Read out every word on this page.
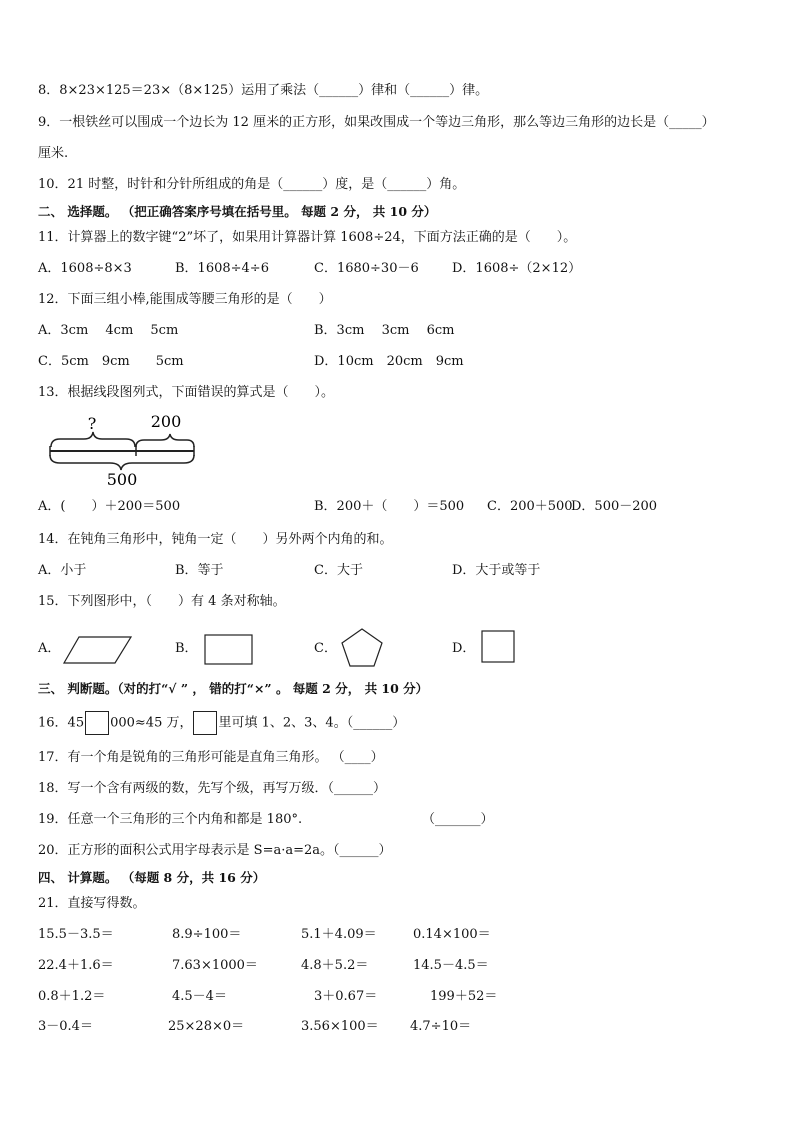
8．8×23×125＝23×（8×125）运用了乘法（______）律和（______）律。
9．一根铁丝可以围成一个边长为 12 厘米的正方形，如果改围成一个等边三角形，那么等边三角形的边长是（_____）
厘米.
10．21 时整，时针和分针所组成的角是（______）度，是（______）角。
二、 选择题。 （把正确答案序号填在括号里。 每题 2 分， 共 10 分）
11．计算器上的数字键“2”坏了，如果用计算器计算 1608÷24，下面方法正确的是（　　）。
A．1608÷8×3	B．1608÷4÷6	C．1680÷30－6	D．1608÷（2×12）
12．下面三组小棒,能围成等腰三角形的是（　　）
A．3cm　 4cm　 5cm	B．3cm　 3cm　 6cm
C．5cm　9cm　　5cm	D．10cm　20cm　9cm
13．根据线段图列式，下面错误的算式是（　　）。
?	200
500
A．(　　）＋200＝500	B．200＋（　　）＝500 C．200＋500
D．500－200
14．在钝角三角形中，钝角一定（　　）另外两个内角的和。
A．小于	B．等于	C．大于	D．大于或等于
15．下列图形中，（　　）有 4 条对称轴。
A．	B．	C．	D．
三、 判断题。（对的打“√ ” ， 错的打“×” 。 每题 2 分， 共 10 分）
16．45 000≈45 万， 里可填 1、2、3、4。（______）
17．有一个角是锐角的三角形可能是直角三角形。 （____）
18．写一个含有两级的数，先写个级，再写万级．（______）
19．任意一个三角形的三个内角和都是 180°.	（_______）
20．正方形的面积公式用字母表示是 S=a·a=2a。（______）
四、 计算题。 （每题 8 分，共 16 分）
21．直接写得数。
15.5－3.5＝	8.9÷100＝	5.1＋4.09＝	0.14×100＝
22.4＋1.6＝	7.63×1000＝	4.8＋5.2＝	14.5－4.5＝
0.8＋1.2＝	4.5－4＝	3＋0.67＝	199＋52＝
3－0.4＝	25×28×0＝	3.56×100＝ 4.7÷10＝
